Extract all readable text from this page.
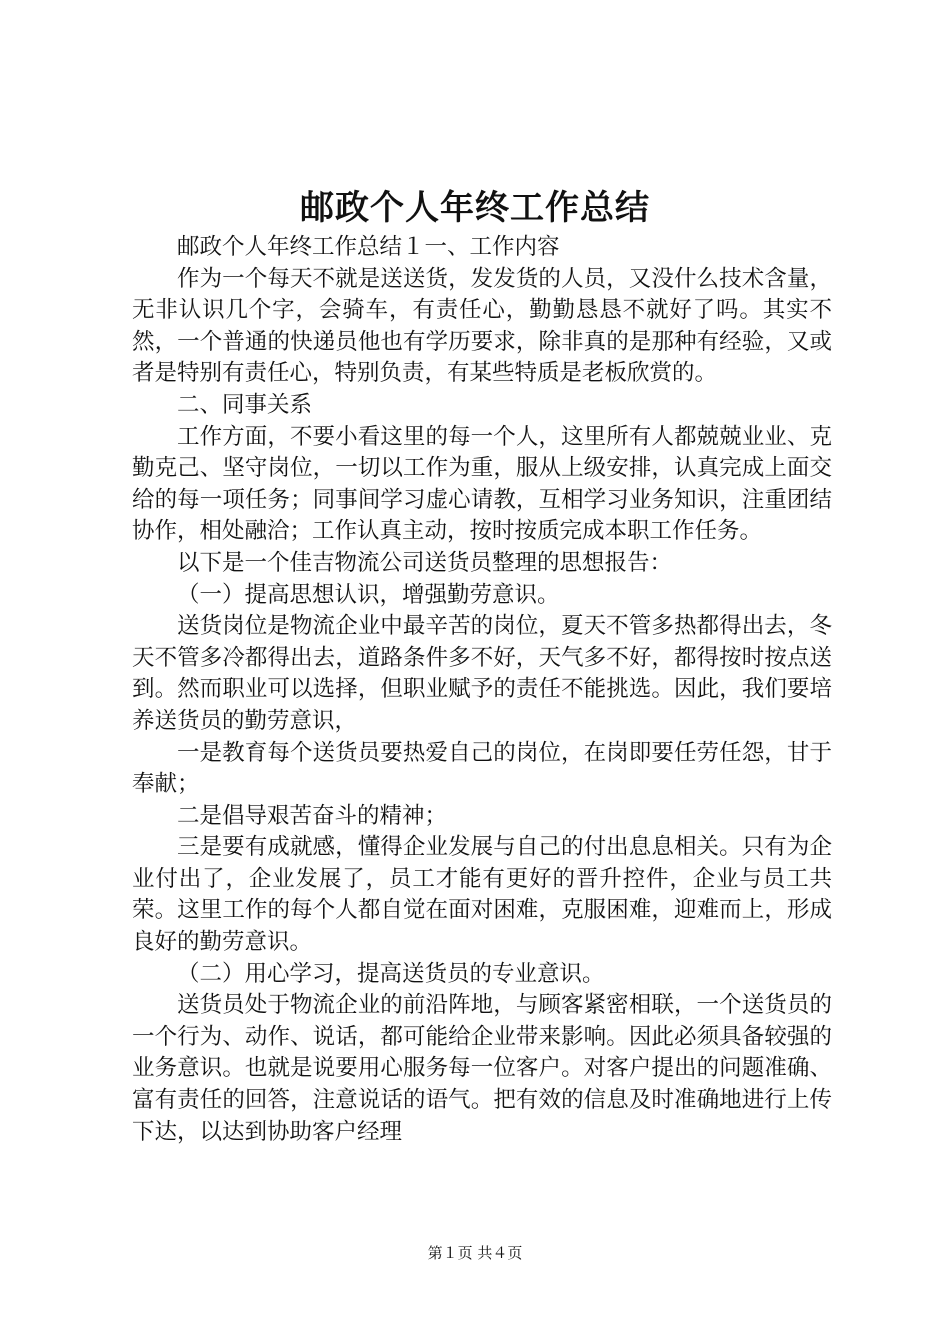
邮政个人年终工作总结

邮政个人年终工作总结１一、工作内容

作为一个每天不就是送送货，发发货的人员，又没什么技术含量，无非认识几个字，会骑车，有责任心，勤勤恳恳不就好了吗。其实不然，一个普通的快递员他也有学历要求，除非真的是那种有经验，又或者是特别有责任心，特别负责，有某些特质是老板欣赏的。

二、同事关系

工作方面，不要小看这里的每一个人，这里所有人都兢兢业业、克勤克己、坚守岗位，一切以工作为重，服从上级安排，认真完成上面交给的每一项任务；同事间学习虚心请教，互相学习业务知识，注重团结协作，相处融洽；工作认真主动，按时按质完成本职工作任务。

以下是一个佳吉物流公司送货员整理的思想报告：

（一）提高思想认识，增强勤劳意识。

送货岗位是物流企业中最辛苦的岗位，夏天不管多热都得出去，冬天不管多冷都得出去，道路条件多不好，天气多不好，都得按时按点送到。然而职业可以选择，但职业赋予的责任不能挑选。因此，我们要培养送货员的勤劳意识，

一是教育每个送货员要热爱自己的岗位，在岗即要任劳任怨，甘于奉献；

二是倡导艰苦奋斗的精神；

三是要有成就感，懂得企业发展与自己的付出息息相关。只有为企业付出了，企业发展了，员工才能有更好的晋升控件，企业与员工共荣。这里工作的每个人都自觉在面对困难，克服困难，迎难而上，形成良好的勤劳意识。

（二）用心学习，提高送货员的专业意识。

送货员处于物流企业的前沿阵地，与顾客紧密相联，一个送货员的一个行为、动作、说话，都可能给企业带来影响。因此必须具备较强的业务意识。也就是说要用心服务每一位客户。对客户提出的问题准确、富有责任的回答，注意说话的语气。把有效的信息及时准确地进行上传下达，以达到协助客户经理

第１页 共４页
